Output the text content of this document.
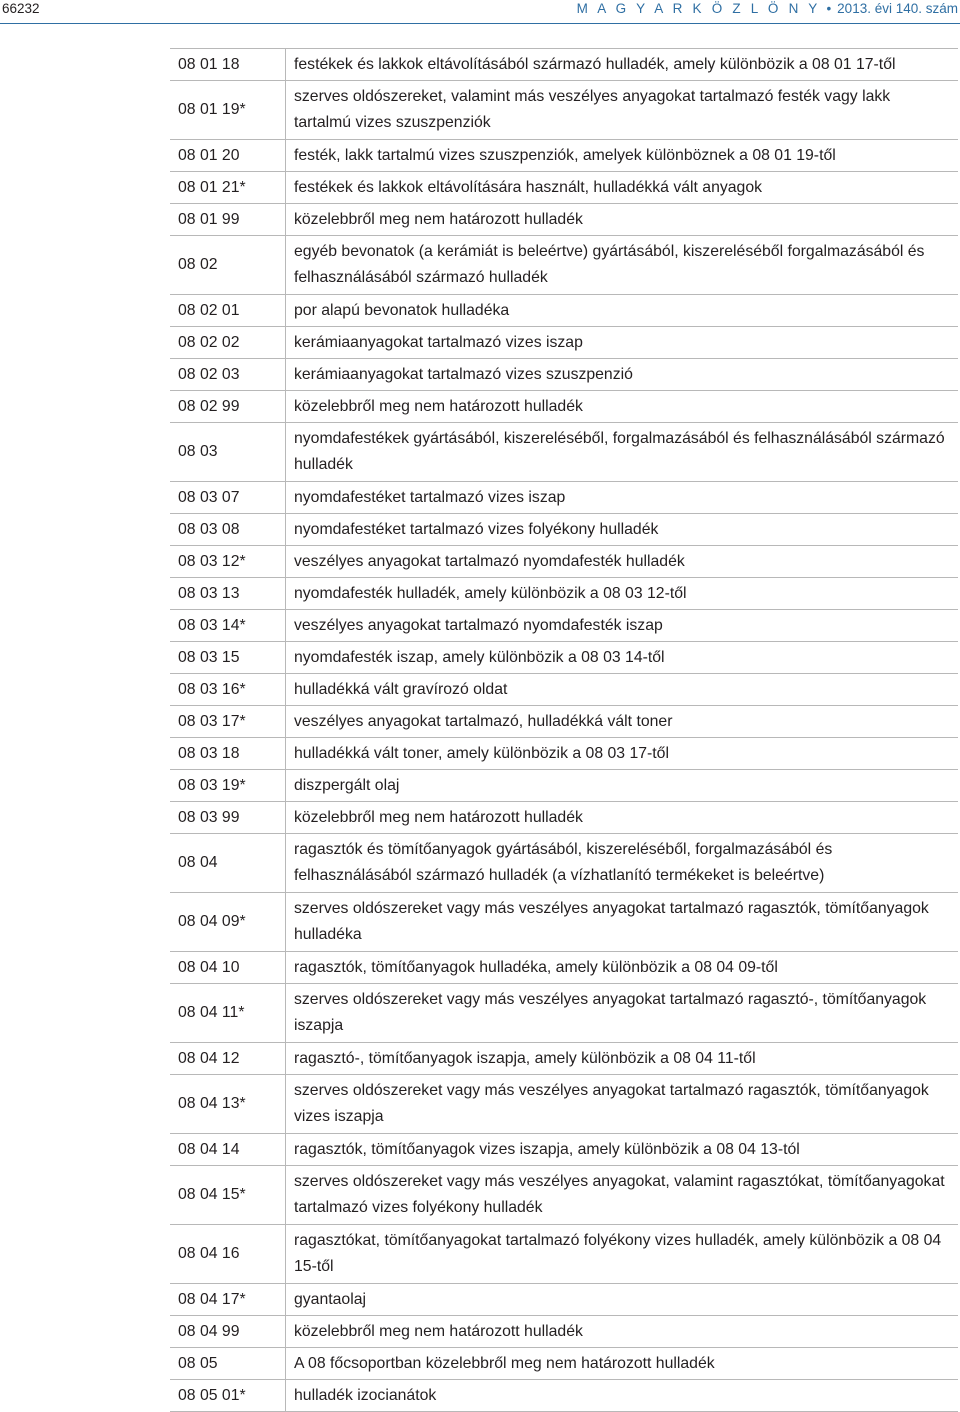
66232	M A G Y A R K Ö Z L Ö N Y • 2013. évi 140. szám
08 01 18	festékek és lakkok eltávolításából származó hulladék, amely különbözik a 08 01 17-től
08 01 19*	szerves oldószereket, valamint más veszélyes anyagokat tartalmazó festék vagy lakk tartalmú vizes szuszpenziók
08 01 20	festék, lakk tartalmú vizes szuszpenziók, amelyek különböznek a 08 01 19-től
08 01 21*	festékek és lakkok eltávolítására használt, hulladékká vált anyagok
08 01 99	közelebbről meg nem határozott hulladék
08 02	egyéb bevonatok (a kerámiát is beleértve) gyártásából, kiszereléséből forgalmazásából és felhasználásából származó hulladék
08 02 01	por alapú bevonatok hulladéka
08 02 02	kerámiaanyagokat tartalmazó vizes iszap
08 02 03	kerámiaanyagokat tartalmazó vizes szuszpenzió
08 02 99	közelebbről meg nem határozott hulladék
08 03	nyomdafestékek gyártásából, kiszereléséből, forgalmazásából és felhasználásából származó hulladék
08 03 07	nyomdafestéket tartalmazó vizes iszap
08 03 08	nyomdafestéket tartalmazó vizes folyékony hulladék
08 03 12*	veszélyes anyagokat tartalmazó nyomdafesték hulladék
08 03 13	nyomdafesték hulladék, amely különbözik a 08 03 12-től
08 03 14*	veszélyes anyagokat tartalmazó nyomdafesték iszap
08 03 15	nyomdafesték iszap, amely különbözik a 08 03 14-től
08 03 16*	hulladékká vált gravírozó oldat
08 03 17*	veszélyes anyagokat tartalmazó, hulladékká vált toner
08 03 18	hulladékká vált toner, amely különbözik a 08 03 17-től
08 03 19*	diszpergált olaj
08 03 99	közelebbről meg nem határozott hulladék
08 04	ragasztók és tömítőanyagok gyártásából, kiszereléséből, forgalmazásából és felhasználásából származó hulladék (a vízhatlanító termékeket is beleértve)
08 04 09*	szerves oldószereket vagy más veszélyes anyagokat tartalmazó ragasztók, tömítőanyagok hulladéka
08 04 10	ragasztók, tömítőanyagok hulladéka, amely különbözik a 08 04 09-től
08 04 11*	szerves oldószereket vagy más veszélyes anyagokat tartalmazó ragasztó-, tömítőanyagok iszapja
08 04 12	ragasztó-, tömítőanyagok iszapja, amely különbözik a 08 04 11-től
08 04 13*	szerves oldószereket vagy más veszélyes anyagokat tartalmazó ragasztók, tömítőanyagok vizes iszapja
08 04 14	ragasztók, tömítőanyagok vizes iszapja, amely különbözik a 08 04 13-tól
08 04 15*	szerves oldószereket vagy más veszélyes anyagokat, valamint ragasztókat, tömítőanyagokat tartalmazó vizes folyékony hulladék
08 04 16	ragasztókat, tömítőanyagokat tartalmazó folyékony vizes hulladék, amely különbözik a 08 04 15-től
08 04 17*	gyantaolaj
08 04 99	közelebbről meg nem határozott hulladék
08 05	A 08 főcsoportban közelebbről meg nem határozott hulladék
08 05 01*	hulladék izocianátok
